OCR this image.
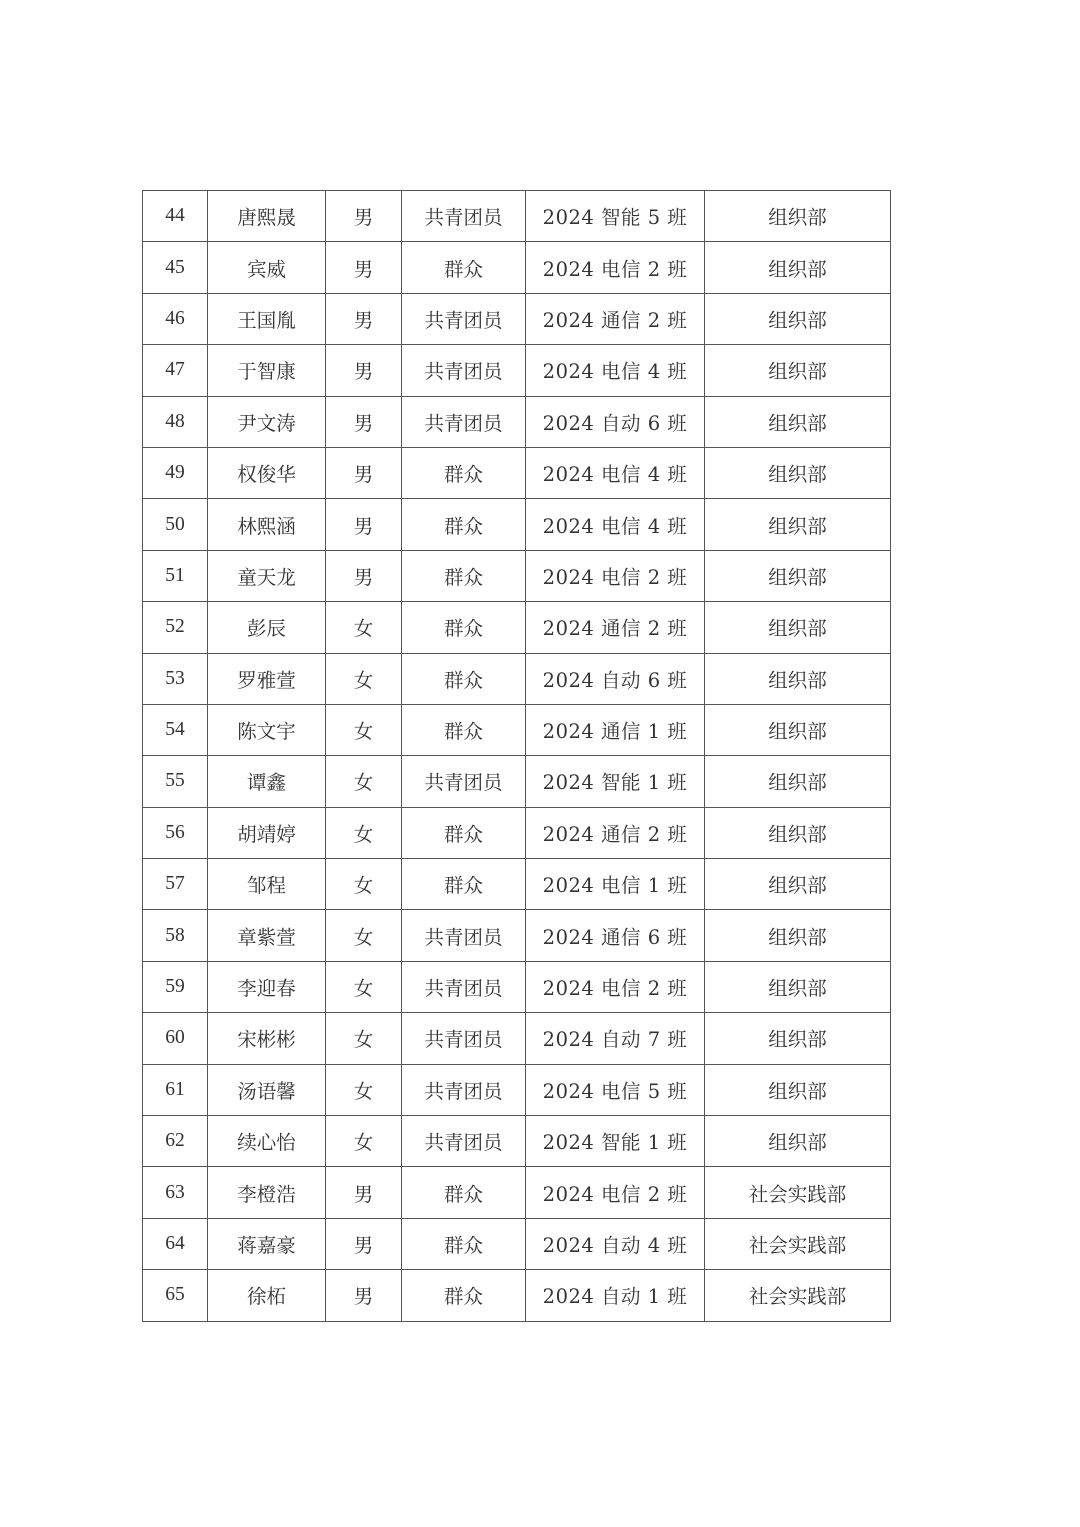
44	唐熙晟	男	共青团员	2024 智能 5 班	组织部
45	宾威	男	群众	2024 电信 2 班	组织部
46	王国胤	男	共青团员	2024 通信 2 班	组织部
47	于智康	男	共青团员	2024 电信 4 班	组织部
48	尹文涛	男	共青团员	2024 自动 6 班	组织部
49	权俊华	男	群众	2024 电信 4 班	组织部
50	林熙涵	男	群众	2024 电信 4 班	组织部
51	童天龙	男	群众	2024 电信 2 班	组织部
52	彭辰	女	群众	2024 通信 2 班	组织部
53	罗雅萱	女	群众	2024 自动 6 班	组织部
54	陈文宇	女	群众	2024 通信 1 班	组织部
55	谭鑫	女	共青团员	2024 智能 1 班	组织部
56	胡靖婷	女	群众	2024 通信 2 班	组织部
57	邹程	女	群众	2024 电信 1 班	组织部
58	章紫萱	女	共青团员	2024 通信 6 班	组织部
59	李迎春	女	共青团员	2024 电信 2 班	组织部
60	宋彬彬	女	共青团员	2024 自动 7 班	组织部
61	汤语馨	女	共青团员	2024 电信 5 班	组织部
62	续心怡	女	共青团员	2024 智能 1 班	组织部
63	李橙浩	男	群众	2024 电信 2 班	社会实践部
64	蒋嘉豪	男	群众	2024 自动 4 班	社会实践部
65	徐柘	男	群众	2024 自动 1 班	社会实践部
